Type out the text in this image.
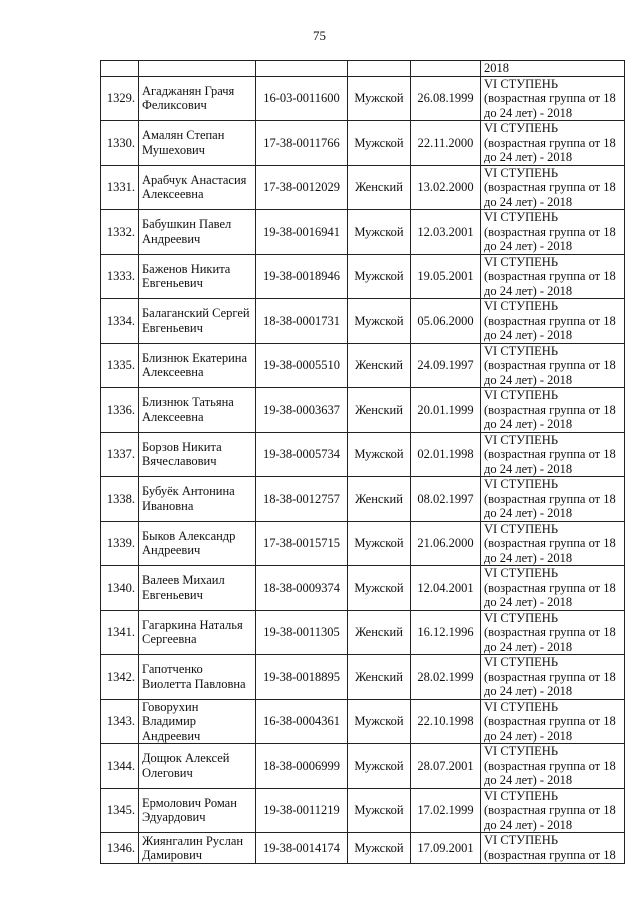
75
					2018
1329.	Агаджанян Грачя Феликсович	16-03-0011600	Мужской	26.08.1999	VI СТУПЕНЬ
(возрастная группа от 18
до 24 лет) - 2018

1330.	Амалян Степан Мушехович	17-38-0011766	Мужской	22.11.2000	VI СТУПЕНЬ
(возрастная группа от 18
до 24 лет) - 2018

1331.	Арабчук Анастасия Алексеевна	17-38-0012029	Женский	13.02.2000	VI СТУПЕНЬ
(возрастная группа от 18
до 24 лет) - 2018

1332.	Бабушкин Павел Андреевич	19-38-0016941	Мужской	12.03.2001	VI СТУПЕНЬ
(возрастная группа от 18
до 24 лет) - 2018

1333.	Баженов Никита Евгеньевич	19-38-0018946	Мужской	19.05.2001	VI СТУПЕНЬ
(возрастная группа от 18
до 24 лет) - 2018

1334.	Балаганский Сергей Евгеньевич	18-38-0001731	Мужской	05.06.2000	VI СТУПЕНЬ
(возрастная группа от 18
до 24 лет) - 2018

1335.	Близнюк Екатерина Алексеевна	19-38-0005510	Женский	24.09.1997	VI СТУПЕНЬ
(возрастная группа от 18
до 24 лет) - 2018

1336.	Близнюк Татьяна Алексеевна	19-38-0003637	Женский	20.01.1999	VI СТУПЕНЬ
(возрастная группа от 18
до 24 лет) - 2018

1337.	Борзов Никита Вячеславович	19-38-0005734	Мужской	02.01.1998	VI СТУПЕНЬ
(возрастная группа от 18
до 24 лет) - 2018

1338.	Бубуёк Антонина Ивановна	18-38-0012757	Женский	08.02.1997	VI СТУПЕНЬ
(возрастная группа от 18
до 24 лет) - 2018

1339.	Быков Александр Андреевич	17-38-0015715	Мужской	21.06.2000	VI СТУПЕНЬ
(возрастная группа от 18
до 24 лет) - 2018

1340.	Валеев Михаил Евгеньевич	18-38-0009374	Мужской	12.04.2001	VI СТУПЕНЬ
(возрастная группа от 18
до 24 лет) - 2018

1341.	Гагаркина Наталья Сергеевна	19-38-0011305	Женский	16.12.1996	VI СТУПЕНЬ
(возрастная группа от 18
до 24 лет) - 2018

1342.	Гапотченко Виолетта Павловна	19-38-0018895	Женский	28.02.1999	VI СТУПЕНЬ
(возрастная группа от 18
до 24 лет) - 2018

1343.	Говорухин Владимир Андреевич	16-38-0004361	Мужской	22.10.1998	VI СТУПЕНЬ
(возрастная группа от 18
до 24 лет) - 2018

1344.	Дощюк Алексей Олегович	18-38-0006999	Мужской	28.07.2001	VI СТУПЕНЬ
(возрастная группа от 18
до 24 лет) - 2018

1345.	Ермолович Роман Эдуардович	19-38-0011219	Мужской	17.02.1999	VI СТУПЕНЬ
(возрастная группа от 18
до 24 лет) - 2018

1346.	Жиянгалин Руслан Дамирович	19-38-0014174	Мужской	17.09.2001	VI СТУПЕНЬ
(возрастная группа от 18
